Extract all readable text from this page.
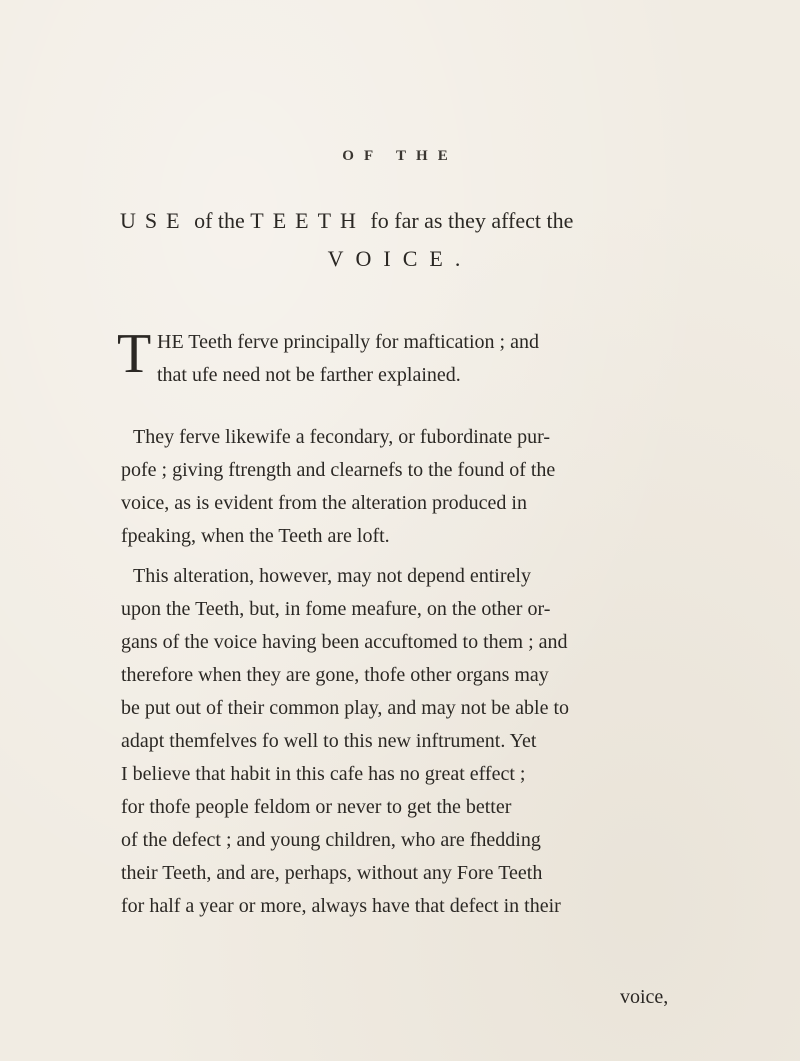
OF THE
USE of the TEETH fo far as they affect the
VOICE.
T HE Teeth ferve principally for maftication ; and
that ufe need not be farther explained.
They ferve likewife a fecondary, or fubordinate pur-
pofe ; giving ftrength and clearnefs to the found of the
voice, as is evident from the alteration produced in
fpeaking, when the Teeth are loft.
This alteration, however, may not depend entirely
upon the Teeth, but, in fome meafure, on the other or-
gans of the voice having been accuftomed to them ; and
therefore when they are gone, thofe other organs may
be put out of their common play, and may not be able to
adapt themfelves fo well to this new inftrument. Yet
I believe that habit in this cafe has no great effect ;
for thofe people feldom or never to get the better
of the defect ; and young children, who are fhedding
their Teeth, and are, perhaps, without any Fore Teeth
for half a year or more, always have that defect in their
voice,
